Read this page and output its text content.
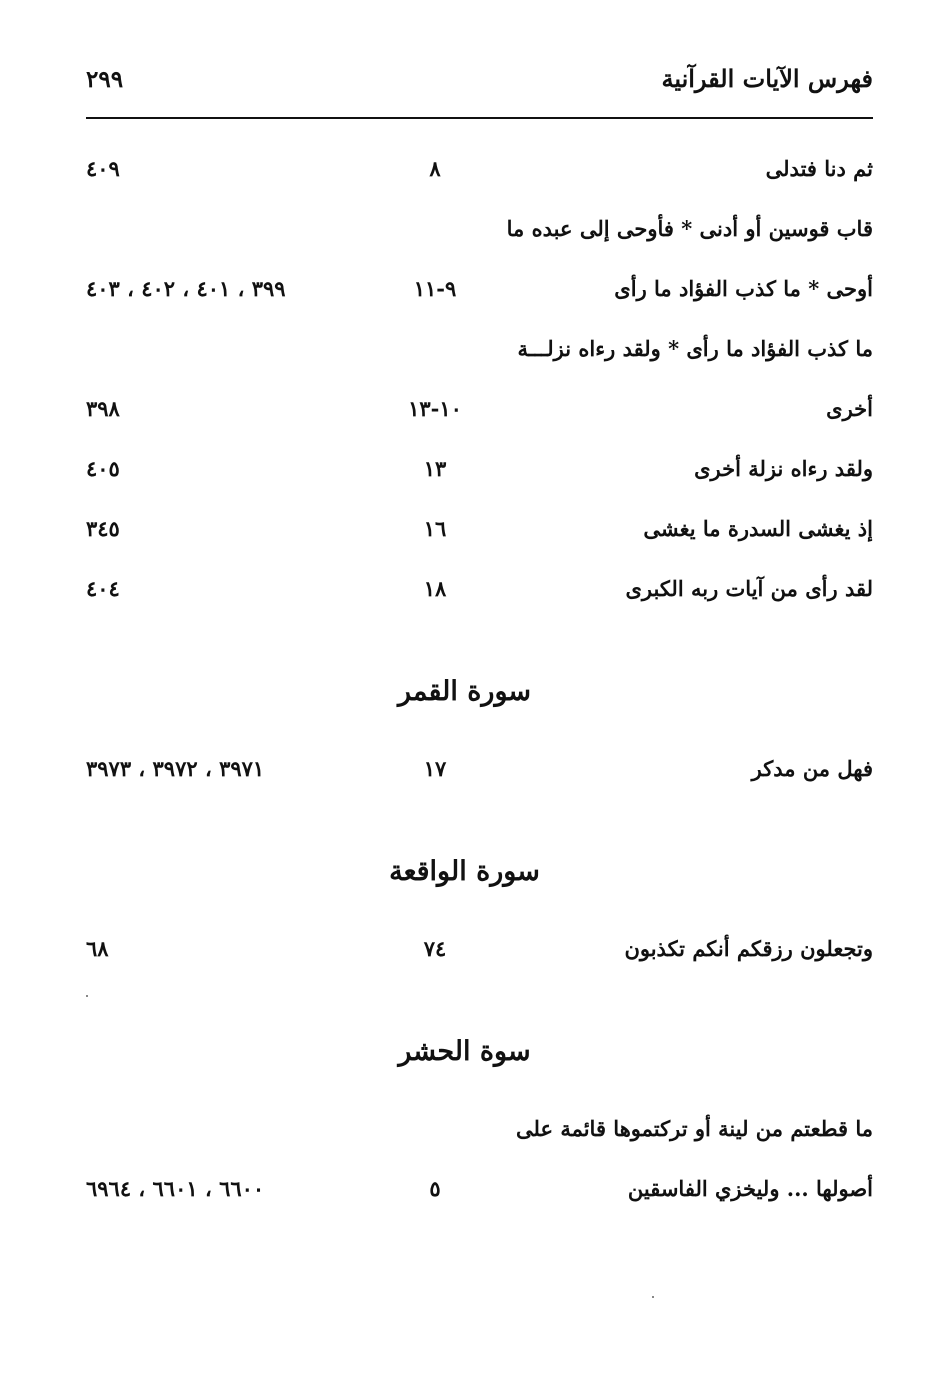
فهرس الآيات القرآنية
٢٩٩
ثم دنا فتدلى
٨
٤٠٩
قاب قوسين أو أدنى * فأوحى إلى عبده ما
أوحى * ما كذب الفؤاد ما رأى
٩-١١
٣٩٩ ، ٤٠١ ، ٤٠٢ ، ٤٠٣
ما كذب الفؤاد ما رأى * ولقد رءاه نزلـــة
أخرى
١٠-١٣
٣٩٨
ولقد رءاه نزلة أخرى
١٣
٤٠٥
إذ يغشى السدرة ما يغشى
١٦
٣٤٥
لقد رأى من آيات ربه الكبرى
١٨
٤٠٤
سورة القمر
فهل من مدكر
١٧
٣٩٧١ ، ٣٩٧٢ ، ٣٩٧٣
سورة الواقعة
وتجعلون رزقكم أنكم تكذبون
٧٤
٦٨
سوة الحشر
ما قطعتم من لينة أو تركتموها قائمة على
أصولها ... وليخزي الفاسقين
٥
٦٦٠٠ ، ٦٦٠١ ، ٦٩٦٤
